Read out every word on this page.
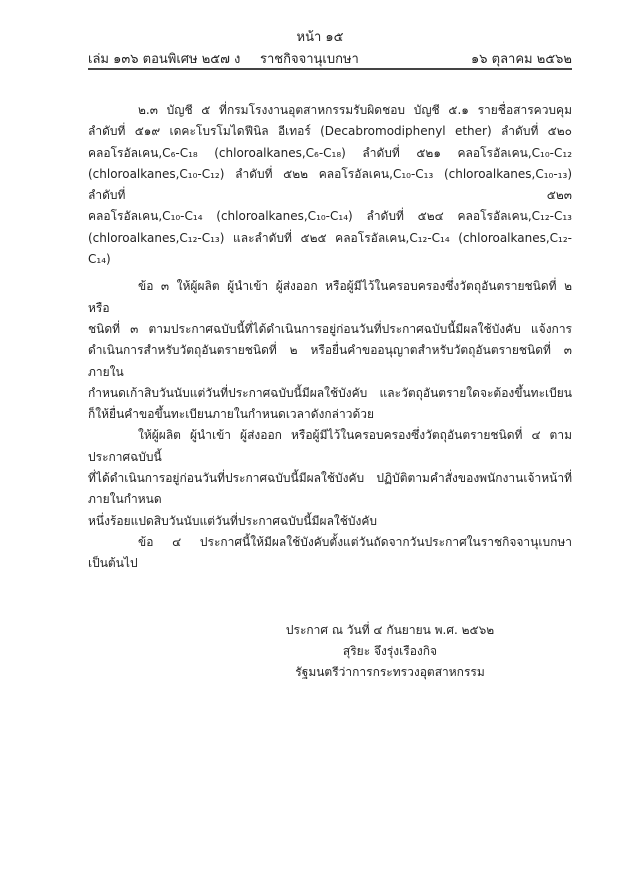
หน้า ๑๕
เล่ม ๑๓๖ ตอนพิเศษ ๒๕๗ ง ราชกิจจานุเบกษา	๑๖ ตุลาคม ๒๕๖๒
๒.๓ บัญชี ๕ ที่กรมโรงงานอุตสาหกรรมรับผิดชอบ บัญชี ๕.๑ รายชื่อสารควบคุม
ลำดับที่ ๕๑๙ เดคะโบรโมไดฟีนิล อีเทอร์ (Decabromodiphenyl ether) ลำดับที่ ๕๒๐
คลอโรอัลเคน,C₆-C₁₈ (chloroalkanes,C₆-C₁₈) ลำดับที่ ๕๒๑ คลอโรอัลเคน,C₁₀-C₁₂
(chloroalkanes,C₁₀-C₁₂) ลำดับที่ ๕๒๒ คลอโรอัลเคน,C₁₀-C₁₃ (chloroalkanes,C₁₀-₁₃) ลำดับที่ ๕๒๓
คลอโรอัลเคน,C₁₀-C₁₄ (chloroalkanes,C₁₀-C₁₄) ลำดับที่ ๕๒๔ คลอโรอัลเคน,C₁₂-C₁₃
(chloroalkanes,C₁₂-C₁₃) และลำดับที่ ๕๒๕ คลอโรอัลเคน,C₁₂-C₁₄ (chloroalkanes,C₁₂-C₁₄)
ข้อ ๓ ให้ผู้ผลิต ผู้นำเข้า ผู้ส่งออก หรือผู้มีไว้ในครอบครองซึ่งวัตถุอันตรายชนิดที่ ๒ หรือ
ชนิดที่ ๓ ตามประกาศฉบับนี้ที่ได้ดำเนินการอยู่ก่อนวันที่ประกาศฉบับนี้มีผลใช้บังคับ แจ้งการ
ดำเนินการสำหรับวัตถุอันตรายชนิดที่ ๒ หรือยื่นคำขออนุญาตสำหรับวัตถุอันตรายชนิดที่ ๓ ภายใน
กำหนดเก้าสิบวันนับแต่วันที่ประกาศฉบับนี้มีผลใช้บังคับ และวัตถุอันตรายใดจะต้องขึ้นทะเบียน
ก็ให้ยื่นคำขอขึ้นทะเบียนภายในกำหนดเวลาดังกล่าวด้วย
ให้ผู้ผลิต ผู้นำเข้า ผู้ส่งออก หรือผู้มีไว้ในครอบครองซึ่งวัตถุอันตรายชนิดที่ ๔ ตามประกาศฉบับนี้
ที่ได้ดำเนินการอยู่ก่อนวันที่ประกาศฉบับนี้มีผลใช้บังคับ ปฏิบัติตามคำสั่งของพนักงานเจ้าหน้าที่ภายในกำหนด
หนึ่งร้อยแปดสิบวันนับแต่วันที่ประกาศฉบับนี้มีผลใช้บังคับ
ข้อ ๔ ประกาศนี้ให้มีผลใช้บังคับตั้งแต่วันถัดจากวันประกาศในราชกิจจานุเบกษาเป็นต้นไป
ประกาศ ณ วันที่ ๔ กันยายน พ.ศ. ๒๕๖๒
สุริยะ จึงรุ่งเรืองกิจ
รัฐมนตรีว่าการกระทรวงอุตสาหกรรม
